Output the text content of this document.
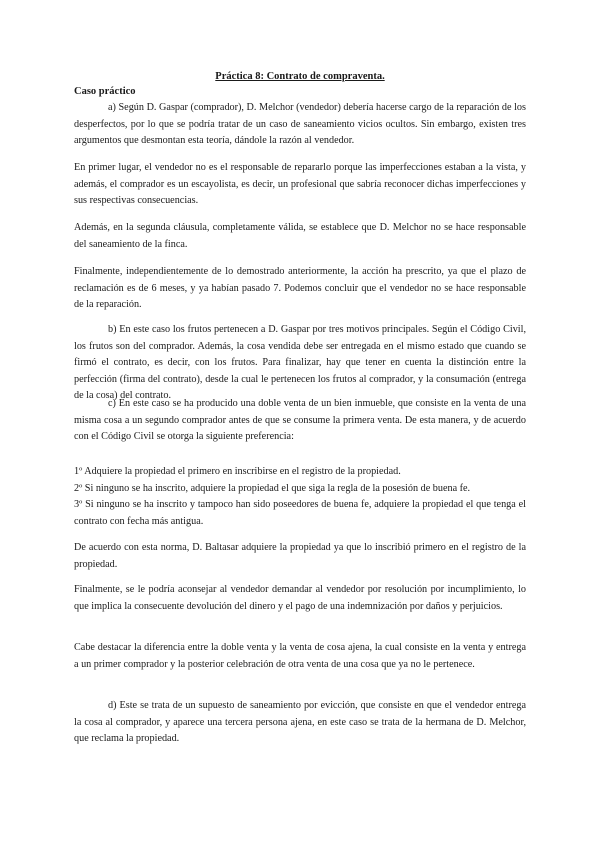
Práctica 8: Contrato de compraventa.
Caso práctico

a) Según D. Gaspar (comprador), D. Melchor (vendedor) debería hacerse cargo de la reparación de los desperfectos, por lo que se podría tratar de un caso de saneamiento vicios ocultos. Sin embargo, existen tres argumentos que desmontan esta teoría, dándole la razón al vendedor.

En primer lugar, el vendedor no es el responsable de repararlo porque las imperfecciones estaban a la vista, y además, el comprador es un escayolista, es decir, un profesional que sabría reconocer dichas imperfecciones y sus respectivas consecuencias.

Además, en la segunda cláusula, completamente válida, se establece que D. Melchor no se hace responsable del saneamiento de la finca.

Finalmente, independientemente de lo demostrado anteriormente, la acción ha prescrito, ya que el plazo de reclamación es de 6 meses, y ya habían pasado 7. Podemos concluir que el vendedor no se hace responsable de la reparación.

b) En este caso los frutos pertenecen a D. Gaspar por tres motivos principales. Según el Código Civil, los frutos son del comprador. Además, la cosa vendida debe ser entregada en el mismo estado que cuando se firmó el contrato, es decir, con los frutos. Para finalizar, hay que tener en cuenta la distinción entre la perfección (firma del contrato), desde la cual le pertenecen los frutos al comprador, y la consumación (entrega de la cosa) del contrato.

c) En este caso se ha producido una doble venta de un bien inmueble, que consiste en la venta de una misma cosa a un segundo comprador antes de que se consume la primera venta. De esta manera, y de acuerdo con el Código Civil se otorga la siguiente preferencia:

1º Adquiere la propiedad el primero en inscribirse en el registro de la propiedad.
2º Si ninguno se ha inscrito, adquiere la propiedad el que siga la regla de la posesión de buena fe.
3º Si ninguno se ha inscrito y tampoco han sido poseedores de buena fe, adquiere la propiedad el que tenga el contrato con fecha más antigua.

De acuerdo con esta norma, D. Baltasar adquiere la propiedad ya que lo inscribió primero en el registro de la propiedad.

Finalmente, se le podría aconsejar al vendedor demandar al vendedor por resolución por incumplimiento, lo que implica la consecuente devolución del dinero y el pago de una indemnización por daños y perjuicios.

Cabe destacar la diferencia entre la doble venta y la venta de cosa ajena, la cual consiste en la venta y entrega a un primer comprador y la posterior celebración de otra venta de una cosa que ya no le pertenece.

d) Este se trata de un supuesto de saneamiento por evicción, que consiste en que el vendedor entrega la cosa al comprador, y aparece una tercera persona ajena, en este caso se trata de la hermana de D. Melchor, que reclama la propiedad.
